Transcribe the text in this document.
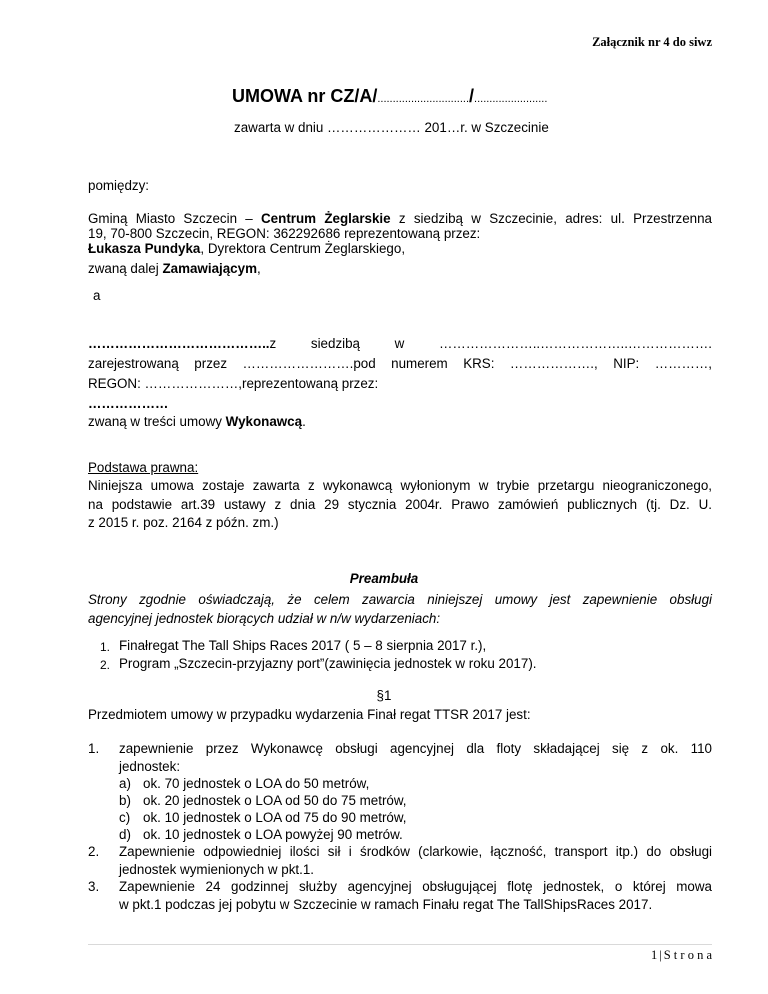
Załącznik nr 4 do siwz
UMOWA nr CZ/A/............................../........................
zawarta w dniu ………………… 201…r. w Szczecinie
pomiędzy:
Gminą Miasto Szczecin – Centrum Żeglarskie z siedzibą w Szczecinie, adres: ul. Przestrzenna
19, 70-800 Szczecin, REGON: 362292686 reprezentowaną przez:
Łukasza Pundyka, Dyrektora Centrum Żeglarskiego,
zwaną dalej Zamawiającym,
a
…………………………………..z	siedzibą	w	…………………..………………..……………….
zarejestrowaną przez …………………….pod numerem KRS: ………………., NIP: …………,
REGON: …………………,reprezentowaną przez:
………………
zwaną w treści umowy Wykonawcą.
Podstawa prawna:
Niniejsza umowa zostaje zawarta z wykonawcą wyłonionym w trybie przetargu nieograniczonego,
na podstawie art.39 ustawy z dnia 29 stycznia 2004r. Prawo zamówień publicznych (tj. Dz. U.
z 2015 r. poz. 2164 z późn. zm.)
Preambuła
Strony zgodnie oświadczają, że celem zawarcia niniejszej umowy jest zapewnienie obsługi
agencyjnej jednostek biorących udział w n/w wydarzeniach:
1. Finałregat The Tall Ships Races 2017 ( 5 – 8 sierpnia 2017 r.),
2. Program „Szczecin-przyjazny port”(zawinięcia jednostek w roku 2017).
§1
Przedmiotem umowy w przypadku wydarzenia Finał regat TTSR 2017 jest:
1. zapewnienie przez Wykonawcę obsługi agencyjnej dla floty składającej się z ok. 110
jednostek:
a) ok. 70 jednostek o LOA do 50 metrów,
b) ok. 20 jednostek o LOA od 50 do 75 metrów,
c) ok. 10 jednostek o LOA od 75 do 90 metrów,
d) ok. 10 jednostek o LOA powyżej 90 metrów.
2. Zapewnienie odpowiedniej ilości sił i środków (clarkowie, łączność, transport itp.) do obsługi
jednostek wymienionych w pkt.1.
3. Zapewnienie 24 godzinnej służby agencyjnej obsługującej flotę jednostek, o której mowa
w pkt.1 podczas jej pobytu w Szczecinie w ramach Finału regat The TallShipsRaces 2017.
1 | S t r o n a
